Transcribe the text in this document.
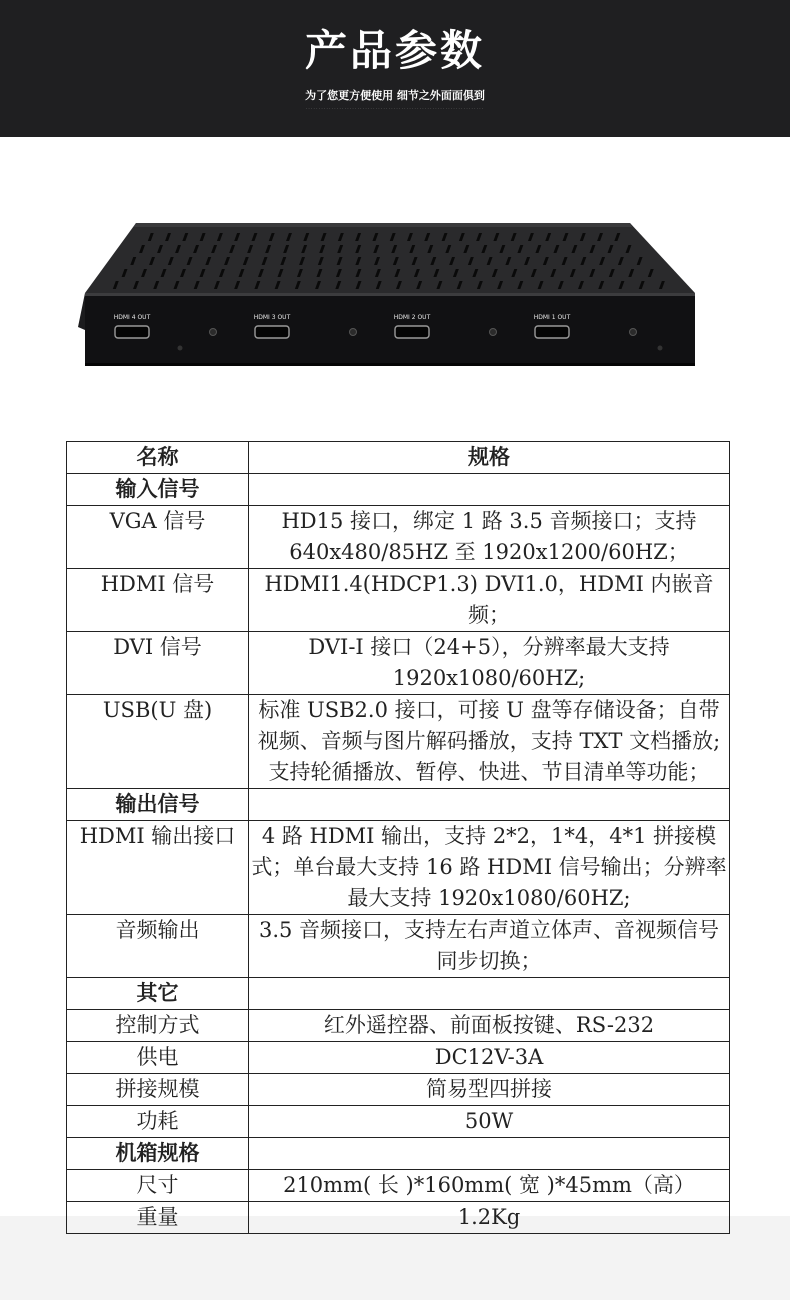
产品参数
为了您更方便使用 细节之外面面俱到
·····································································
HDMI 4 OUT	HDMI 3 OUT	HDMI 2 OUT	HDMI 1 OUT
名称	规格
输入信号	
VGA 信号	HD15 接口，绑定 1 路 3.5 音频接口；支持 640x480/85HZ 至 1920x1200/60HZ；
HDMI 信号	HDMI1.4(HDCP1.3) DVI1.0，HDMI 内嵌音频；
DVI 信号	DVI-I 接口（24+5），分辨率最大支持 1920x1080/60HZ;
USB(U 盘)	标准 USB2.0 接口，可接 U 盘等存储设备；自带视频、音频与图片解码播放，支持 TXT 文档播放; 支持轮循播放、暂停、快进、节目清单等功能；
输出信号	
HDMI 输出接口	4 路 HDMI 输出，支持 2*2，1*4，4*1 拼接模式；单台最大支持 16 路 HDMI 信号输出；分辨率最大支持 1920x1080/60HZ;
音频输出	3.5 音频接口，支持左右声道立体声、音视频信号同步切换；
其它	
控制方式	红外遥控器、前面板按键、RS-232
供电	DC12V-3A
拼接规模	简易型四拼接
功耗	50W
机箱规格	
尺寸	210mm( 长 )*160mm( 宽 )*45mm（高）
重量	1.2Kg
